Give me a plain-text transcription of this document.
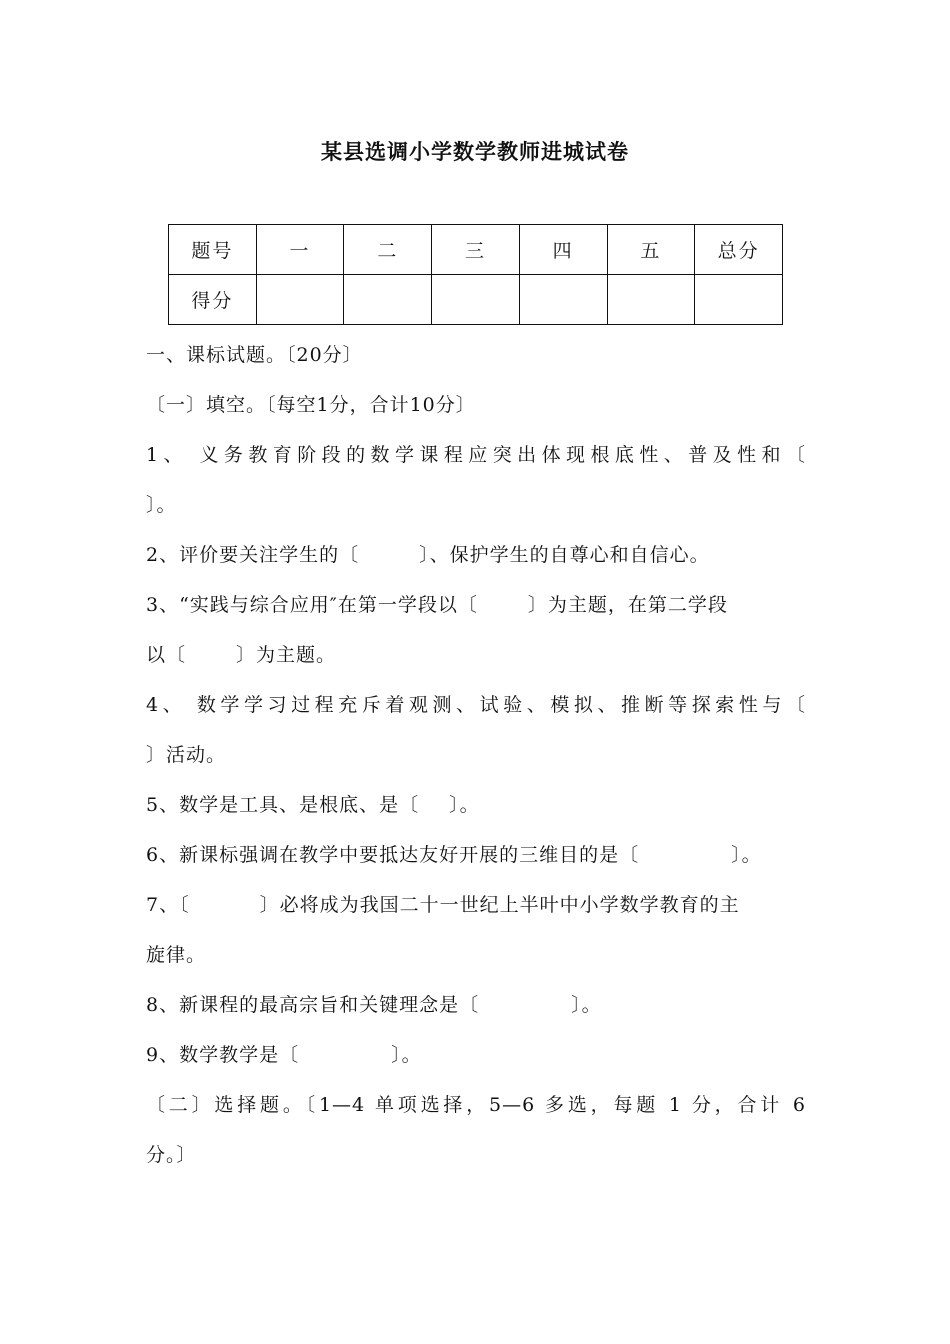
某县选调小学数学教师进城试卷
题号	一	二	三	四	五	总分
得分						
一、课标试题。〔20分〕
〔一〕填空。〔每空1分，合计10分〕
1、 义务教育阶段的数学课程应突出体现根底性、普及性和〔
〕。
2、评价要关注学生的〔	〕、保护学生的自尊心和自信心。
3、“实践与综合应用″在第一学段以〔	〕为主题，在第二学段
以〔	〕为主题。
4、 数学学习过程充斥着观测、试验、模拟、推断等探索性与〔
〕活动。
5、数学是工具、是根底、是〔 〕。
6、新课标强调在教学中要抵达友好开展的三维目的是〔	〕。
7、〔	〕必将成为我国二十一世纪上半叶中小学数学教育的主
旋律。
8、新课程的最高宗旨和关键理念是〔	〕。
9、数学教学是〔	〕。
〔二〕选择题。〔1—4 单项选择，5—6 多选，每题 1 分，合计 6
分。〕
